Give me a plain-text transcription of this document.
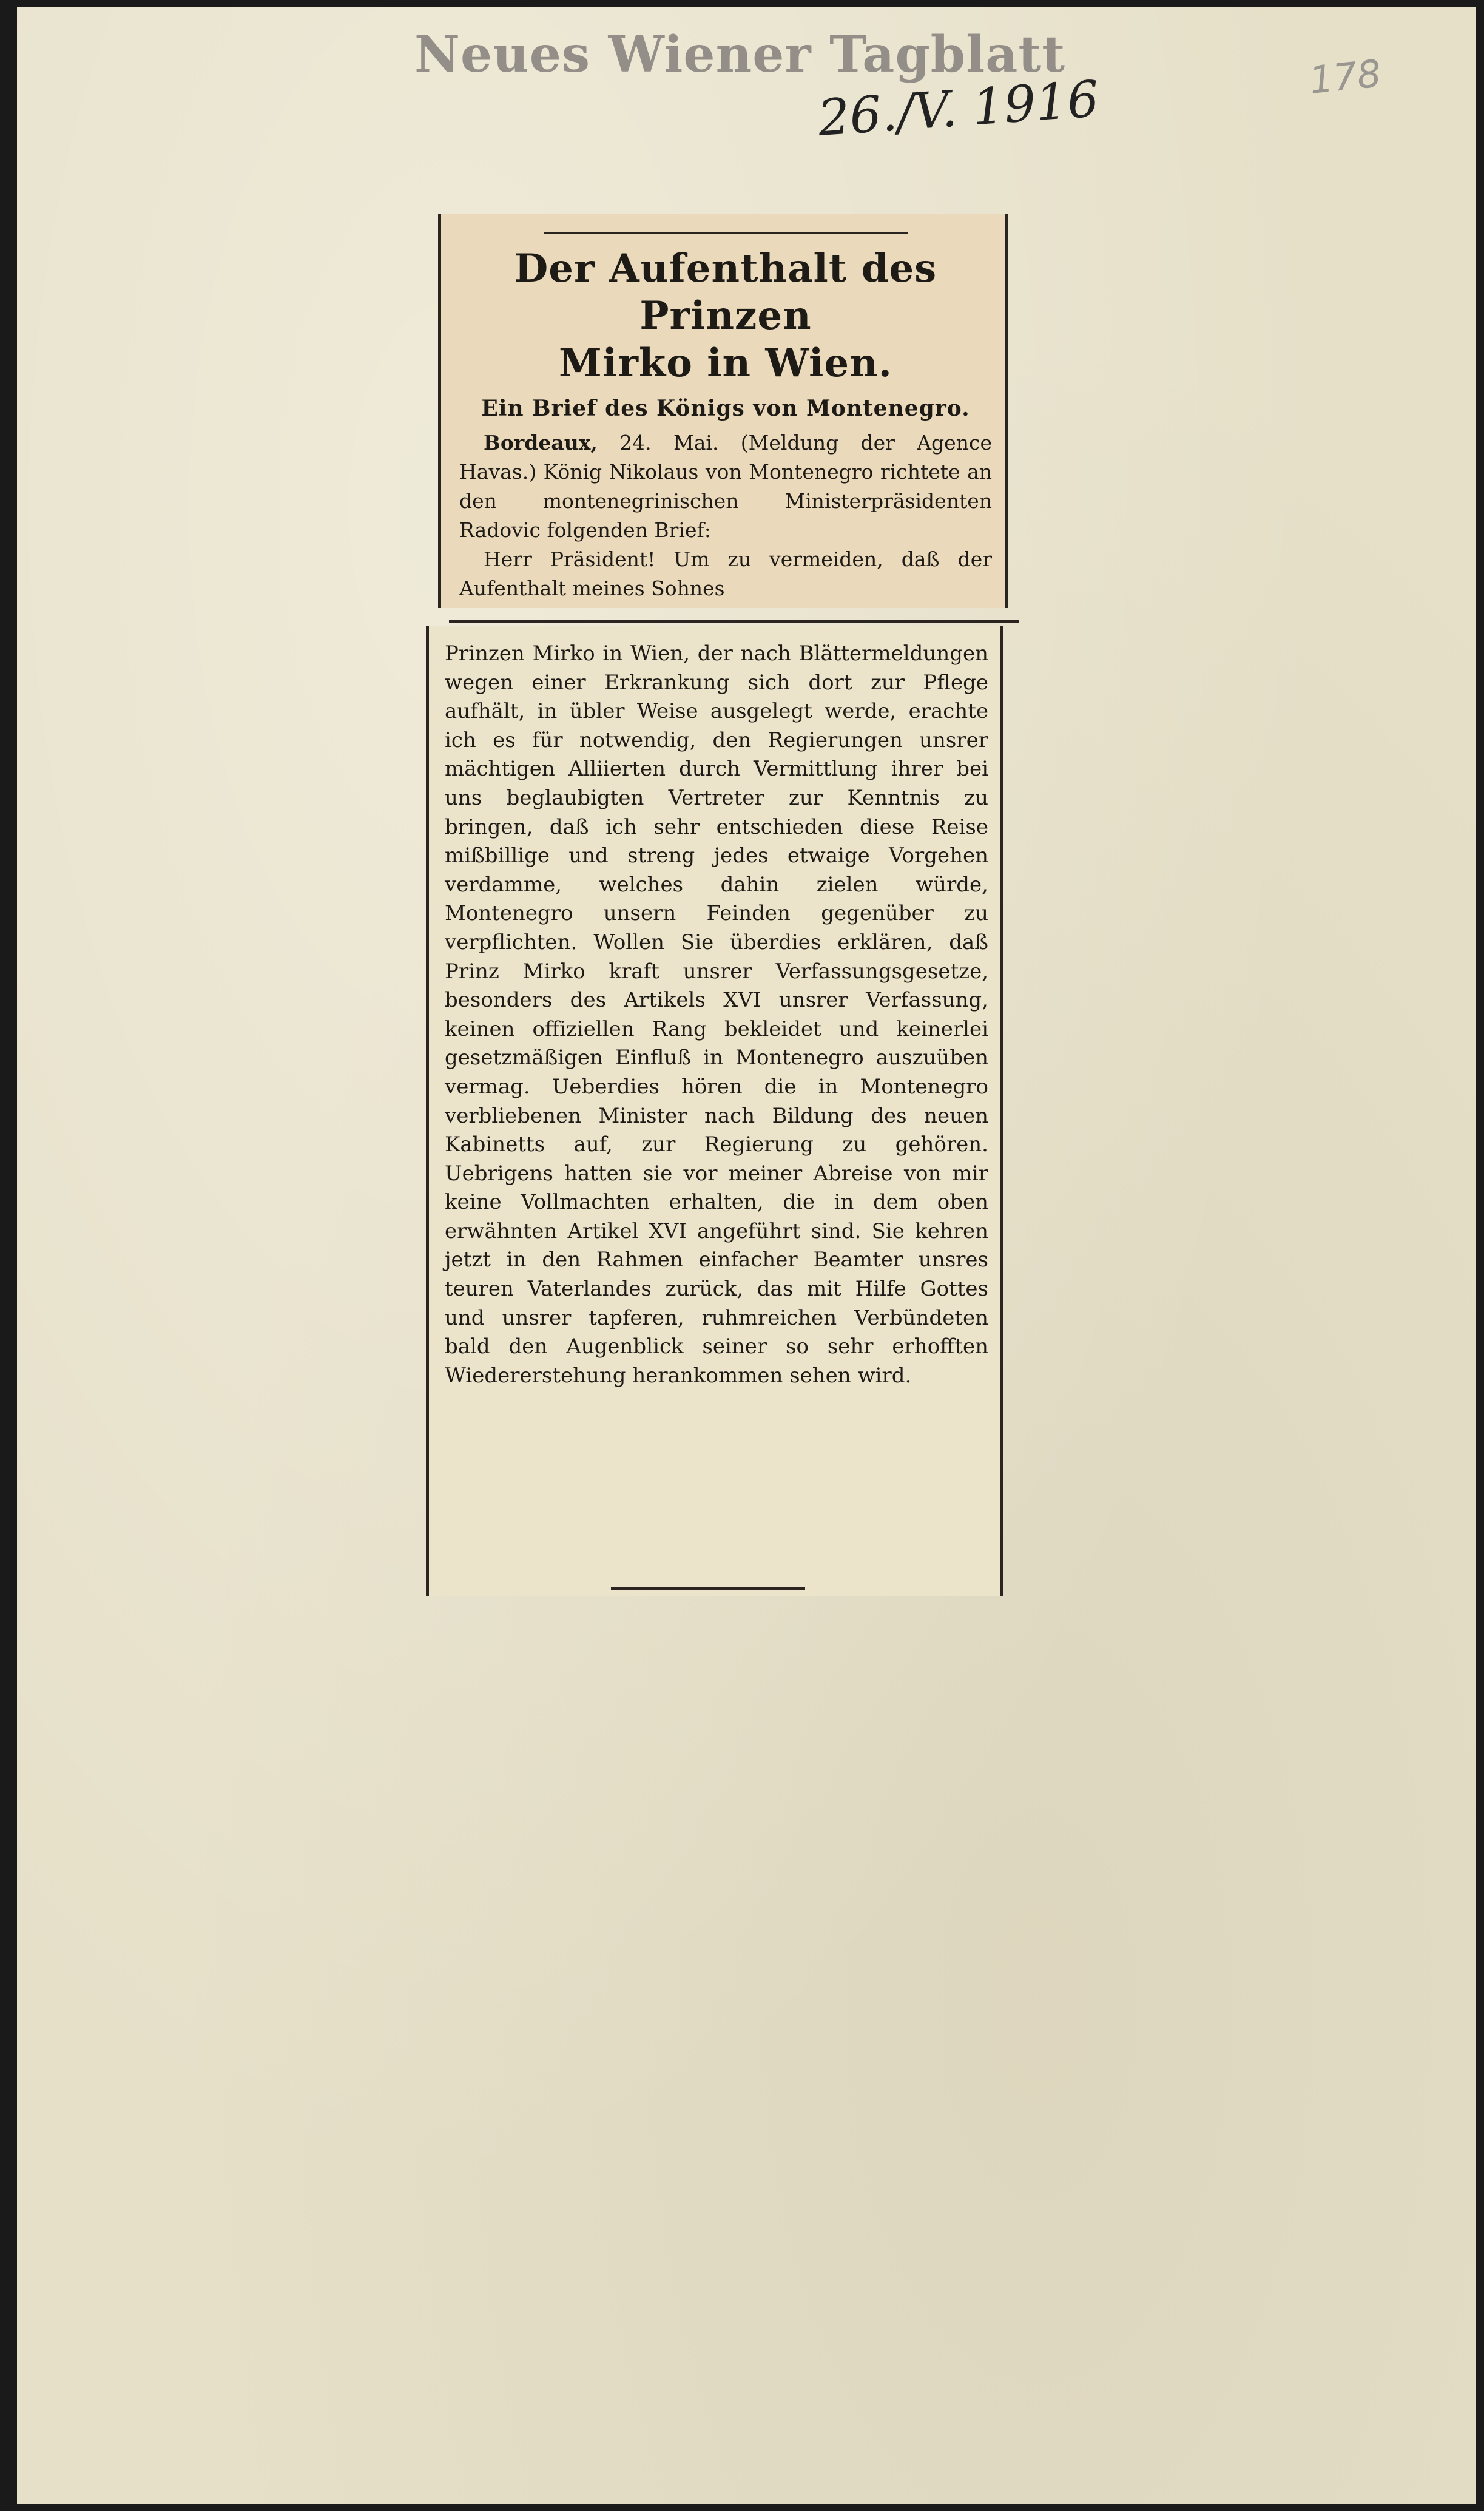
Neues Wiener Tagblatt
26./V. 1916	178
Der Aufenthalt des Prinzen
Mirko in Wien.
Ein Brief des Königs von Montenegro.

Bordeaux, 24. Mai. (Meldung der Agence Havas.) König Nikolaus von Montenegro richtete an den montenegrinischen Ministerpräsidenten Radovic folgenden Brief:

Herr Präsident! Um zu vermeiden, daß der Aufenthalt meines Sohnes

Prinzen Mirko in Wien, der nach Blättermeldungen wegen einer Erkrankung sich dort zur Pflege aufhält, in übler Weise ausgelegt werde, erachte ich es für notwendig, den Regierungen unsrer mächtigen Alliierten durch Vermittlung ihrer bei uns beglaubigten Vertreter zur Kenntnis zu bringen, daß ich sehr entschieden diese Reise mißbillige und streng jedes etwaige Vorgehen verdamme, welches dahin zielen würde, Montenegro unsern Feinden gegenüber zu verpflichten. Wollen Sie überdies erklären, daß Prinz Mirko kraft unsrer Verfassungsgesetze, besonders des Artikels XVI unsrer Verfassung, keinen offiziellen Rang bekleidet und keinerlei gesetzmäßigen Einfluß in Montenegro auszuüben vermag. Ueberdies hören die in Montenegro verbliebenen Minister nach Bildung des neuen Kabinetts auf, zur Regierung zu gehören. Uebrigens hatten sie vor meiner Abreise von mir keine Vollmachten erhalten, die in dem oben erwähnten Artikel XVI angeführt sind. Sie kehren jetzt in den Rahmen einfacher Beamter unsres teuren Vaterlandes zurück, das mit Hilfe Gottes und unsrer tapferen, ruhmreichen Verbündeten bald den Augenblick seiner so sehr erhofften Wiedererstehung herankommen sehen wird.
